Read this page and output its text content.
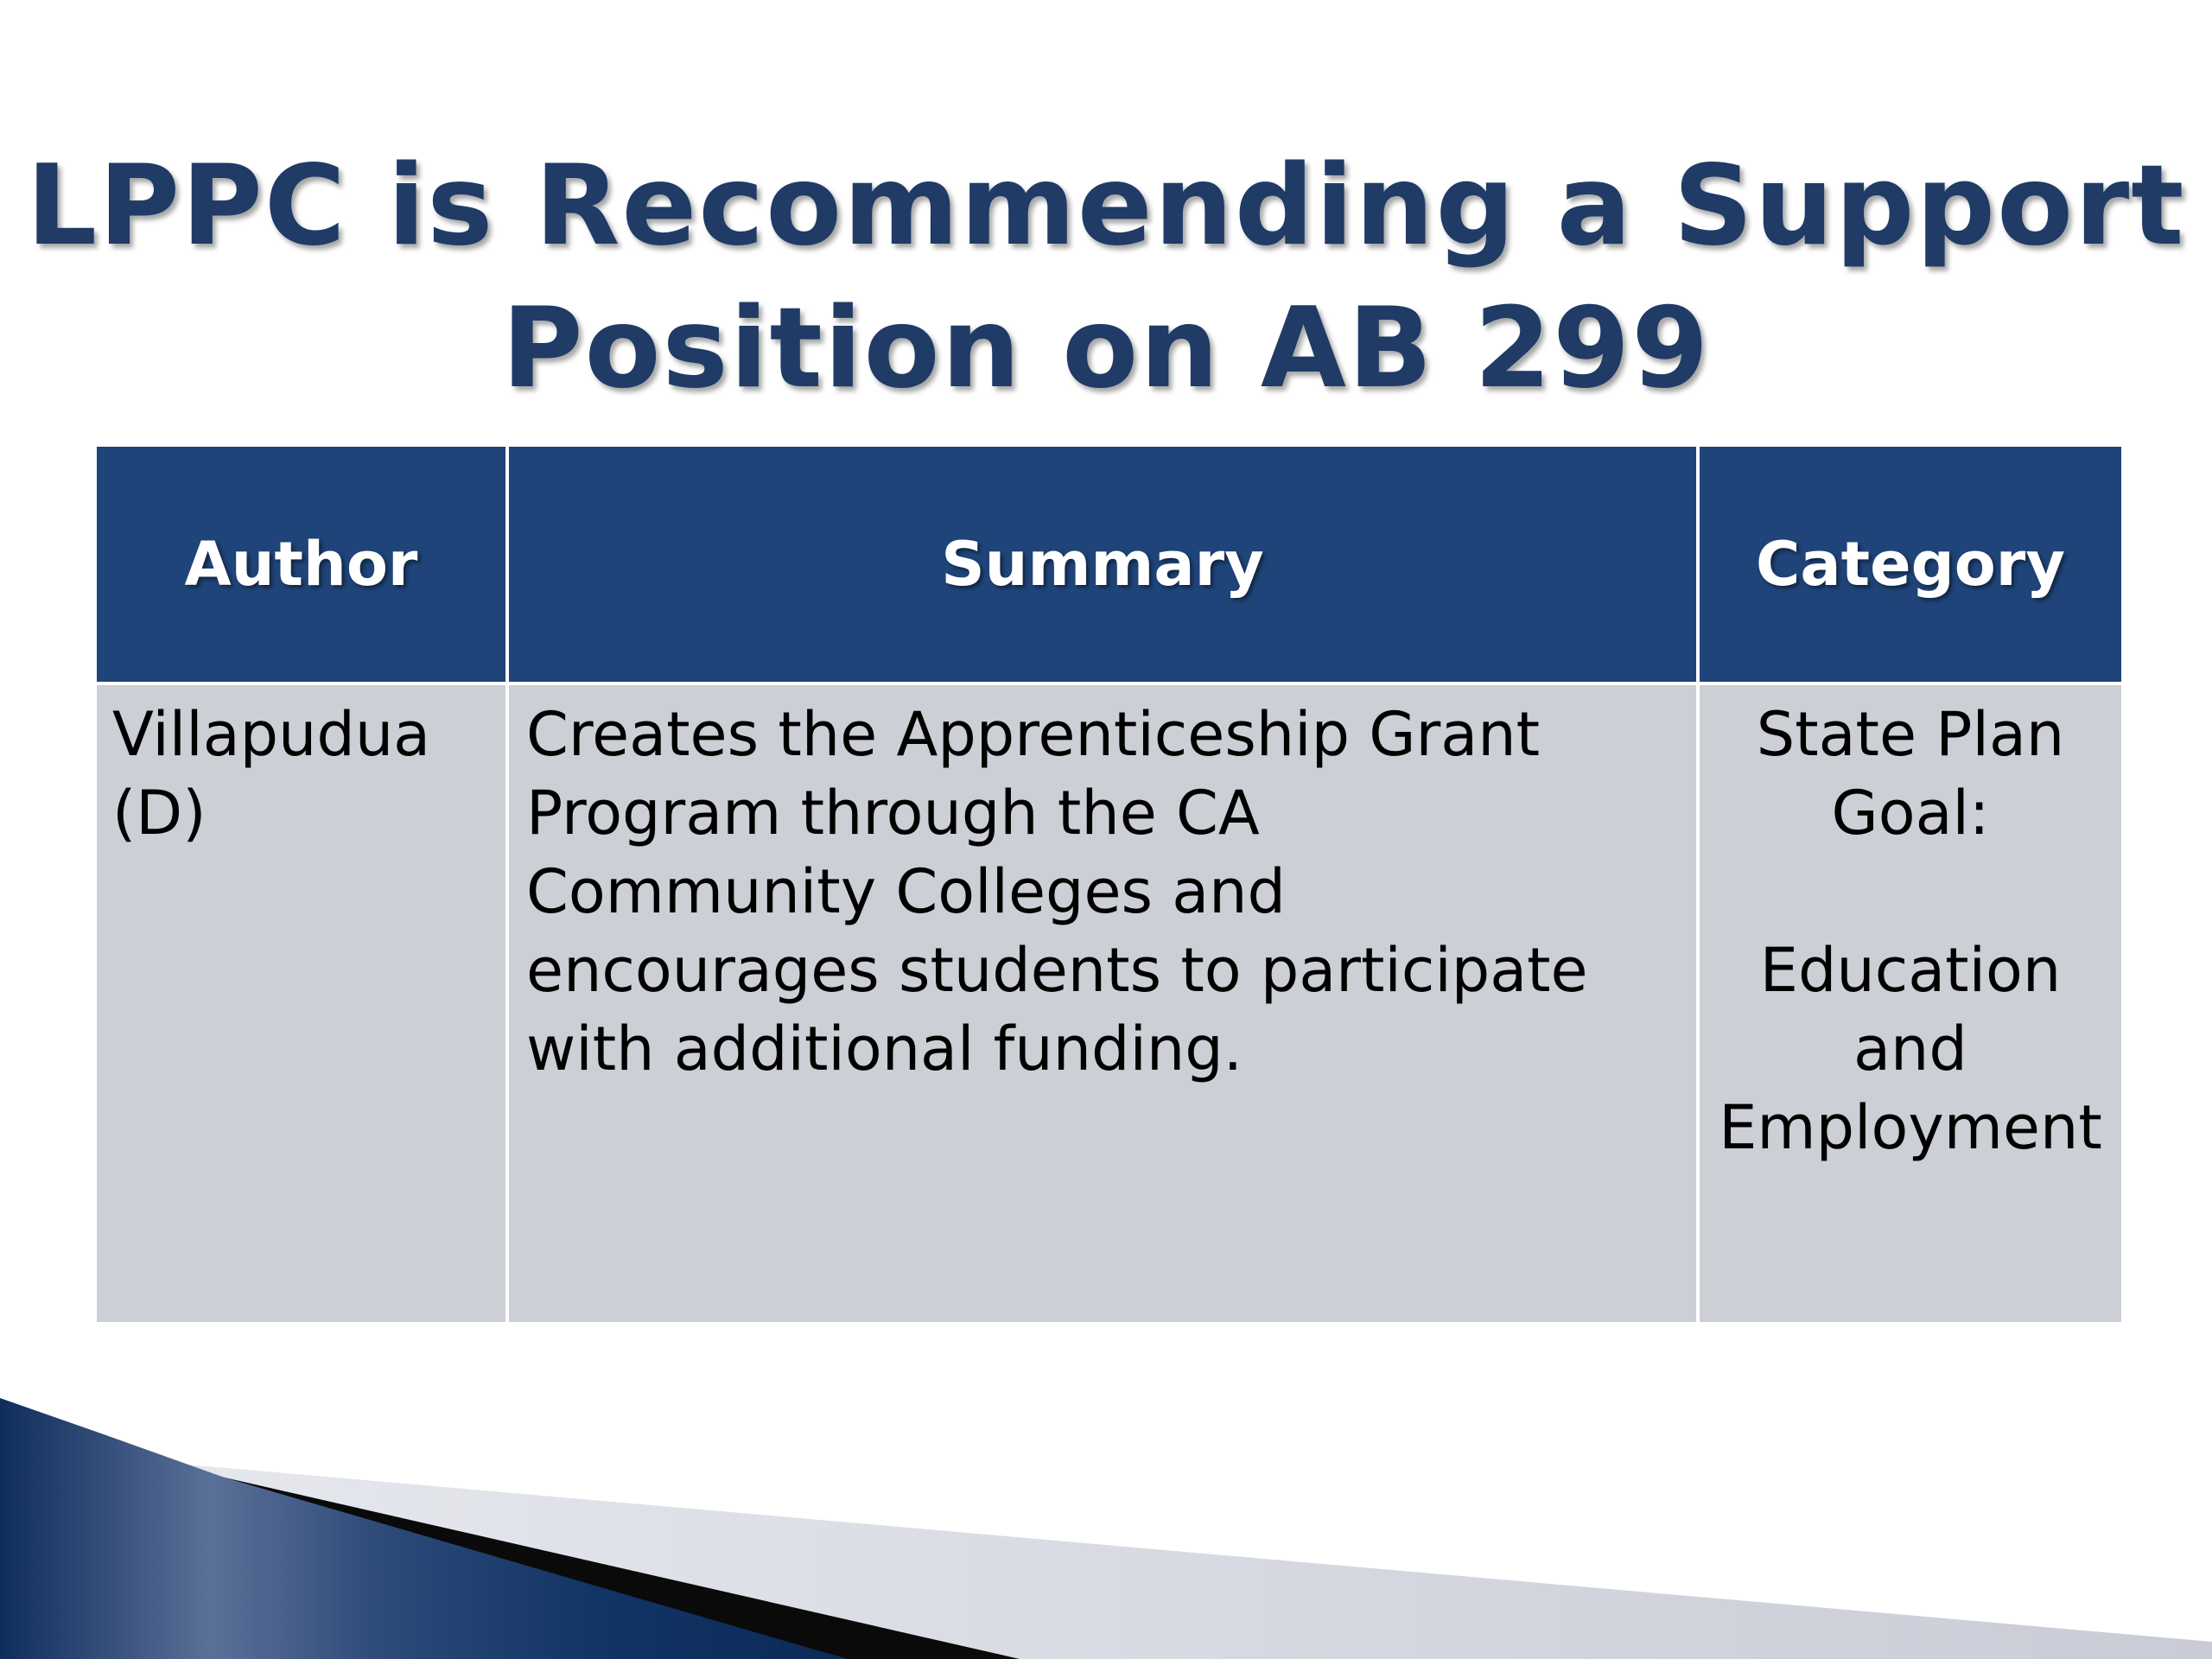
LPPC is Recommending a Support
Position on AB 299
Author	Summary	Category

Villapudua
(D)	Creates the Apprenticeship Grant
Program through the CA
Community Colleges and
encourages students to participate
with additional funding.	State Plan
Goal:
Education
and
Employment
